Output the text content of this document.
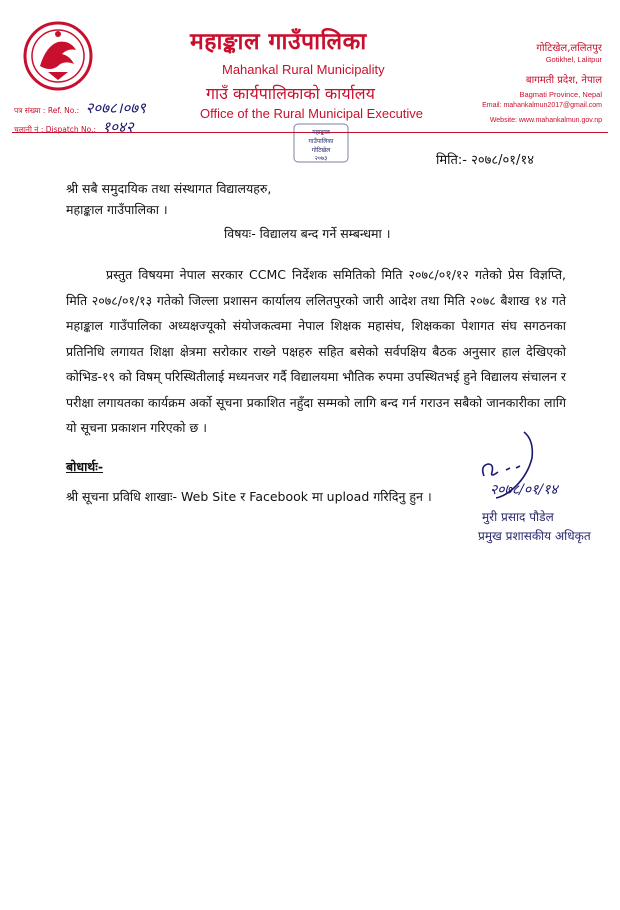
महाङ्काल गाउँपालिका
Mahankal Rural Municipality
गाउँ कार्यपालिकाको कार्यालय
Office of the Rural Municipal Executive
पत्र संख्या : Ref. No.: २०७८।०७९
चलानी नं : Dispatch No.: १०४२
गोटिखेल,ललितपुर
Gotikhel, Lalitpur
बागमती प्रदेश, नेपाल
Bagmati Province, Nepal
Email: mahankalmun2017@gmail.com
Website: www.mahankalmun.gov.np
महाङ्काल
गाउँपालिका
गोटिखेल
२०७३	मिति:- २०७८/०१/१४
श्री सबै समुदायिक तथा संस्थागत विद्यालयहरु,
महाङ्काल गाउँपालिका ।
विषयः- विद्यालय बन्द गर्ने सम्बन्धमा ।
प्रस्तुत विषयमा नेपाल सरकार CCMC निर्देशक समितिको मिति २०७८/०१/१२ गतेको प्रेस विज्ञप्ति, मिति २०७८/०१/१३ गतेको जिल्ला प्रशासन कार्यालय ललितपुरको जारी आदेश तथा मिति २०७८ बैशाख १४ गते महाङ्काल गाउँपालिका अध्यक्षज्यूको संयोजकत्वमा नेपाल शिक्षक महासंघ, शिक्षकका पेशागत संघ सगठनका प्रतिनिधि लगायत शिक्षा क्षेत्रमा सरोकार राख्ने पक्षहरु सहित बसेको सर्वपक्षिय बैठक अनुसार हाल देखिएको कोभिड-१९ को विषम् परिस्थितीलाई मध्यनजर गर्दै विद्यालयमा भौतिक रुपमा उपस्थितभई हुने विद्यालय संचालन र परीक्षा लगायतका कार्यक्रम अर्को सूचना प्रकाशित नहुँदा सम्मको लागि बन्द गर्न गराउन सबैको जानकारीका लागि यो सूचना प्रकाशन गरिएको छ ।
बोधार्थः-
श्री सूचना प्रविधि शाखाः- Web Site र Facebook मा upload गरिदिनु हुन ।	२०७८/०१/१४
मुरी प्रसाद पौडेल
प्रमुख प्रशासकीय अधिकृत
